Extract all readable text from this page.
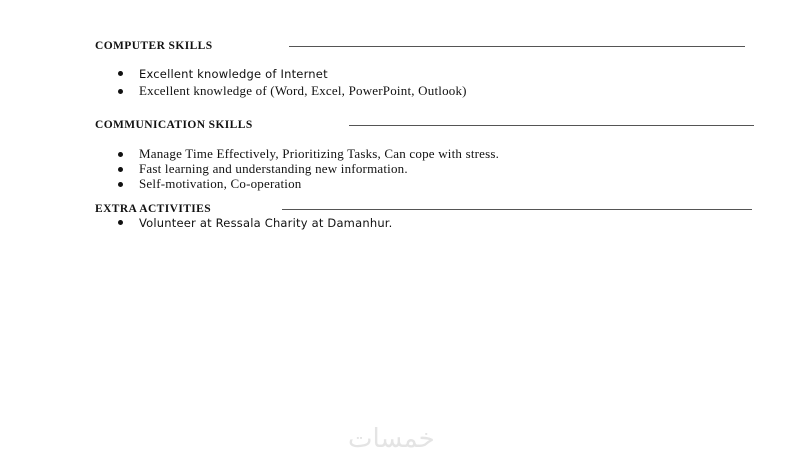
COMPUTER SKILLS
Excellent knowledge of Internet
Excellent knowledge of (Word, Excel, PowerPoint, Outlook)
COMMUNICATION SKILLS
Manage Time Effectively, Prioritizing Tasks, Can cope with stress.
Fast learning and understanding new information.
Self-motivation, Co-operation
EXTRA ACTIVITIES
Volunteer at Ressala Charity at Damanhur.
خمسات
